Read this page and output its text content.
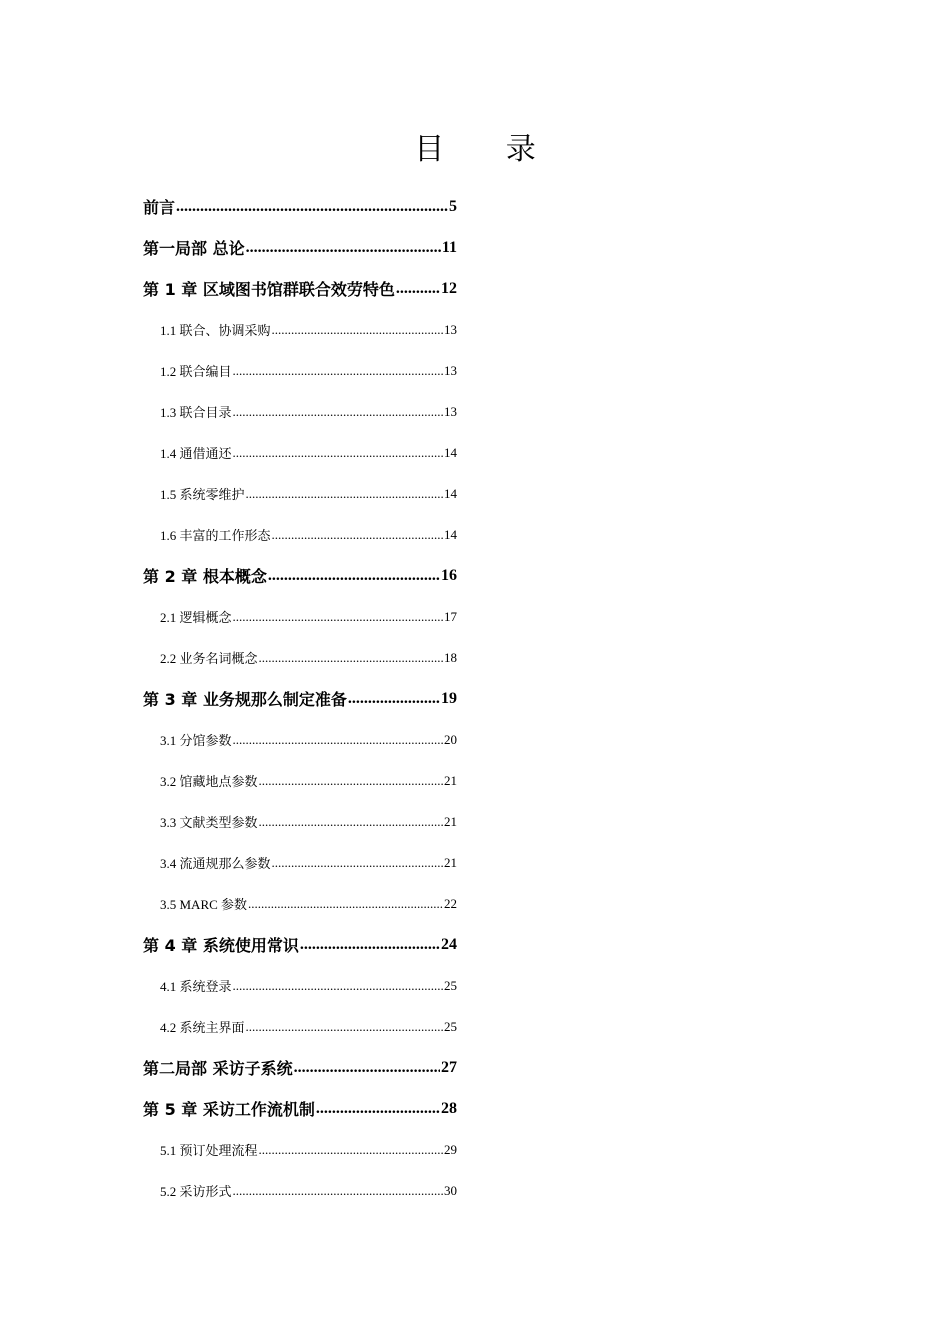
目 录
前言 .....	5
第一局部 总论 .....	11
第 1 章 区域图书馆群联合效劳特色 .....	12
1.1 联合、协调采购 .....	13
1.2 联合编目 .....	13
1.3 联合目录 .....	13
1.4 通借通还 .....	14
1.5 系统零维护 .....	14
1.6 丰富的工作形态 .....	14
第 2 章 根本概念 .....	16
2.1 逻辑概念 .....	17
2.2 业务名词概念 .....	18
第 3 章 业务规那么制定准备 .....	19
3.1 分馆参数 .....	20
3.2 馆藏地点参数 .....	21
3.3 文献类型参数 .....	21
3.4 流通规那么参数 .....	21
3.5 MARC 参数 .....	22
第 4 章 系统使用常识 .....	24
4.1 系统登录 .....	25
4.2 系统主界面 .....	25
第二局部 采访子系统 .....	27
第 5 章 采访工作流机制 .....	28
5.1 预订处理流程 .....	29
5.2 采访形式 .....	30
